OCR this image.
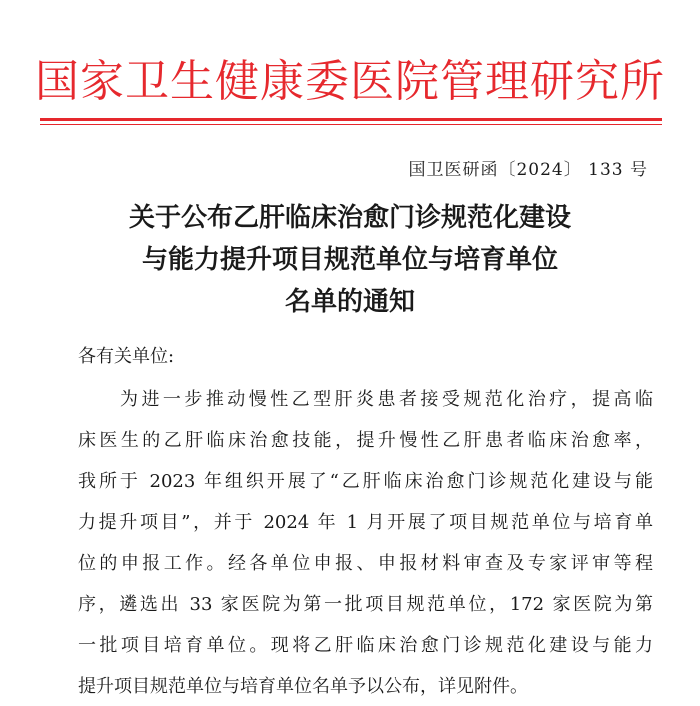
国家卫生健康委医院管理研究所
国卫医研函〔2024〕 133 号
关于公布乙肝临床治愈门诊规范化建设
与能力提升项目规范单位与培育单位
名单的通知
各有关单位:
为进一步推动慢性乙型肝炎患者接受规范化治疗，提高临
床医生的乙肝临床治愈技能，提升慢性乙肝患者临床治愈率，
我所于 2023 年组织开展了“乙肝临床治愈门诊规范化建设与能
力提升项目”，并于 2024 年 1 月开展了项目规范单位与培育单
位的申报工作。经各单位申报、申报材料审查及专家评审等程
序，遴选出 33 家医院为第一批项目规范单位，172 家医院为第
一批项目培育单位。现将乙肝临床治愈门诊规范化建设与能力
提升项目规范单位与培育单位名单予以公布，详见附件。
